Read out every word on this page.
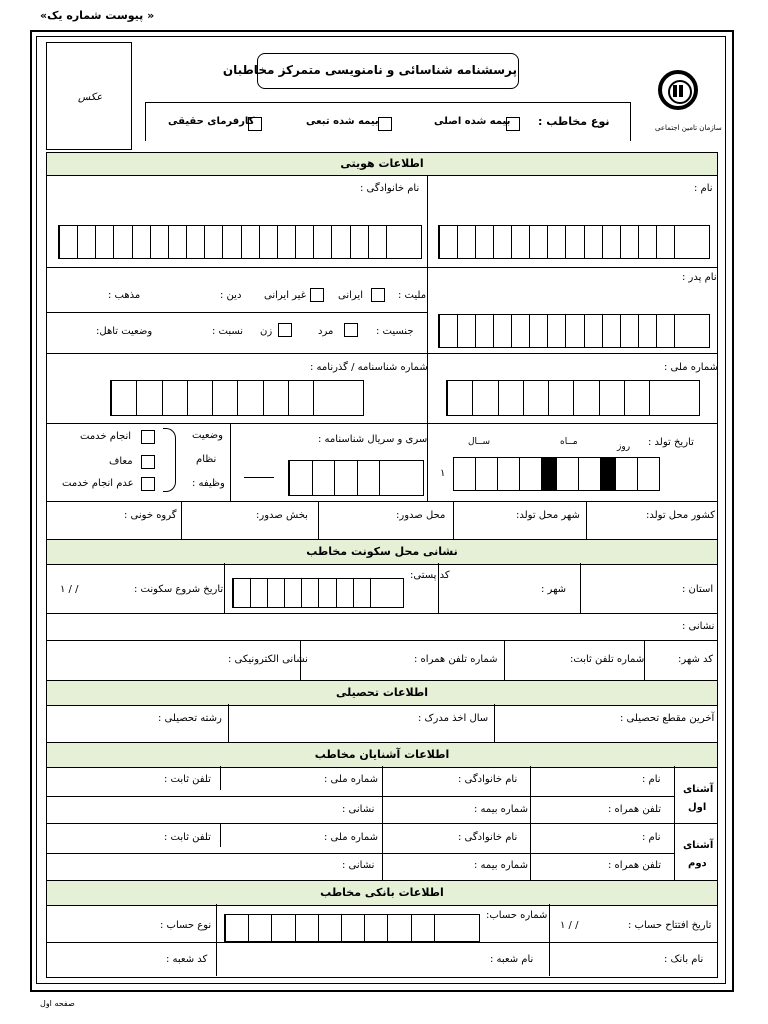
« پیوست شماره یک»
عکس
پرسشنامه شناسائی و نامنویسی متمرکز مخاطبان
سازمان تامین اجتماعی
نوع مخاطب :
بیمه شده اصلی
بیمه شده تبعی
کارفرمای حقیقی
اطلاعات هویتی
نام :
نام خانوادگی :
نام پدر :
ملیت :
ایرانی
غیر ایرانی
دین :
مذهب :
جنسیت :
مرد
زن
نسبت :
وضعیت تاهل:
شماره ملی :
شماره شناسنامه / گذرنامه :
تاریخ تولد :
روز
مــاه
ســال
۱
سری و سریال شناسنامه :
وضعیت
نظام
وظیفه :
انجام خدمت
معاف
عدم انجام خدمت
کشور محل تولد:
شهر محل تولد:
محل صدور:
بخش صدور:
گروه خونی :
نشانی محل سکونت مخاطب
استان :
شهر :
کد پستی:
تاریخ شروع سکونت :
/ / ۱
نشانی :
کد شهر:
شماره تلفن ثابت:
شماره تلفن همراه :
نشانی الکترونیکی :
اطلاعات تحصیلی
آخرین مقطع تحصیلی :
سال اخذ مدرک :
رشته تحصیلی :
اطلاعات آشنایان مخاطب
آشنای
اول
نام :
نام خانوادگی :
شماره ملی :
تلفن ثابت :
تلفن همراه :
شماره بیمه :
نشانی :
آشنای
دوم
نام :
نام خانوادگی :
شماره ملی :
تلفن ثابت :
تلفن همراه :
شماره بیمه :
نشانی :
اطلاعات بانکی مخاطب
تاریخ افتتاح حساب :
/ / ۱
شماره حساب:
نوع حساب :
نام بانک :
نام شعبه :
کد شعبه :
صفحه اول
